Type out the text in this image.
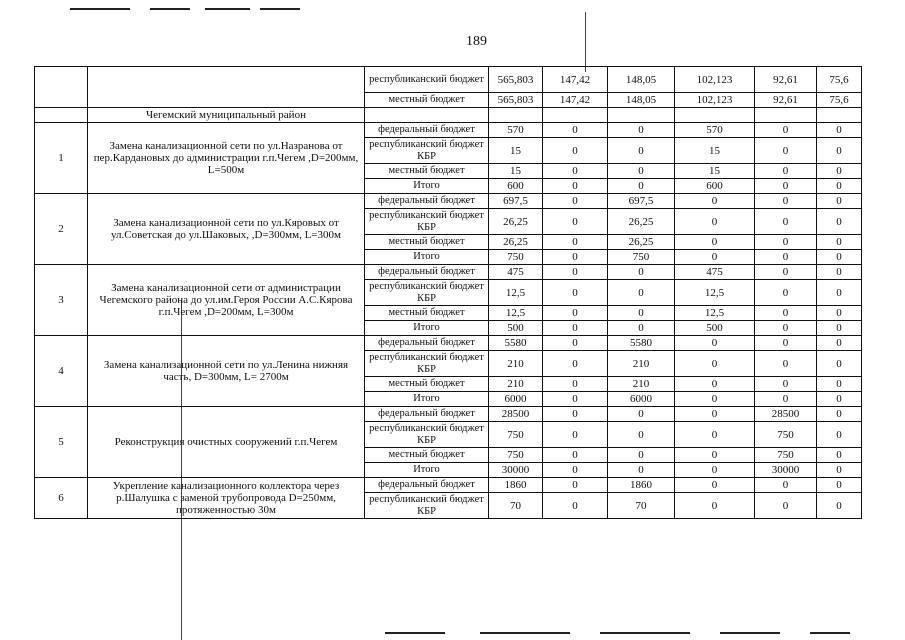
189
		республиканский бюджет	565,803	147,42	148,05	102,123	92,61	75,6
		местный бюджет	565,803	147,42	148,05	102,123	92,61	75,6
	Чегемский муниципальный район							
1	Замена канализационной сети по ул.Назранова от пер.Кардановых до администрации г.п.Чегем ,D=200мм, L=500м	федеральный бюджет	570	0	0	570	0	0
		республиканский бюджет КБР	15	0	0	15	0	0
		местный бюджет	15	0	0	15	0	0
		Итого	600	0	0	600	0	0
2	Замена канализационной сети по ул.Кяровых от ул.Советская до ул.Шаковых, ,D=300мм, L=300м	федеральный бюджет	697,5	0	697,5	0	0	0
		республиканский бюджет КБР	26,25	0	26,25	0	0	0
		местный бюджет	26,25	0	26,25	0	0	0
		Итого	750	0	750	0	0	0
3	Замена канализационной сети от администрации Чегемского района до ул.им.Героя России А.С.Кярова г.п.Чегем ,D=200мм, L=300м	федеральный бюджет	475	0	0	475	0	0
		республиканский бюджет КБР	12,5	0	0	12,5	0	0
		местный бюджет	12,5	0	0	12,5	0	0
		Итого	500	0	0	500	0	0
4	Замена канализационной сети по ул.Ленина нижняя часть, D=300мм, L= 2700м	федеральный бюджет	5580	0	5580	0	0	0
		республиканский бюджет КБР	210	0	210	0	0	0
		местный бюджет	210	0	210	0	0	0
		Итого	6000	0	6000	0	0	0
5	Реконструкция очистных сооружений г.п.Чегем	федеральный бюджет	28500	0	0	0	28500	0
		республиканский бюджет КБР	750	0	0	0	750	0
		местный бюджет	750	0	0	0	750	0
		Итого	30000	0	0	0	30000	0
6	Укрепление канализационного коллектора через р.Шалушка с заменой трубопровода D=250мм, протяженностью 30м	федеральный бюджет	1860	0	1860	0	0	0
		республиканский бюджет КБР	70	0	70	0	0	0
